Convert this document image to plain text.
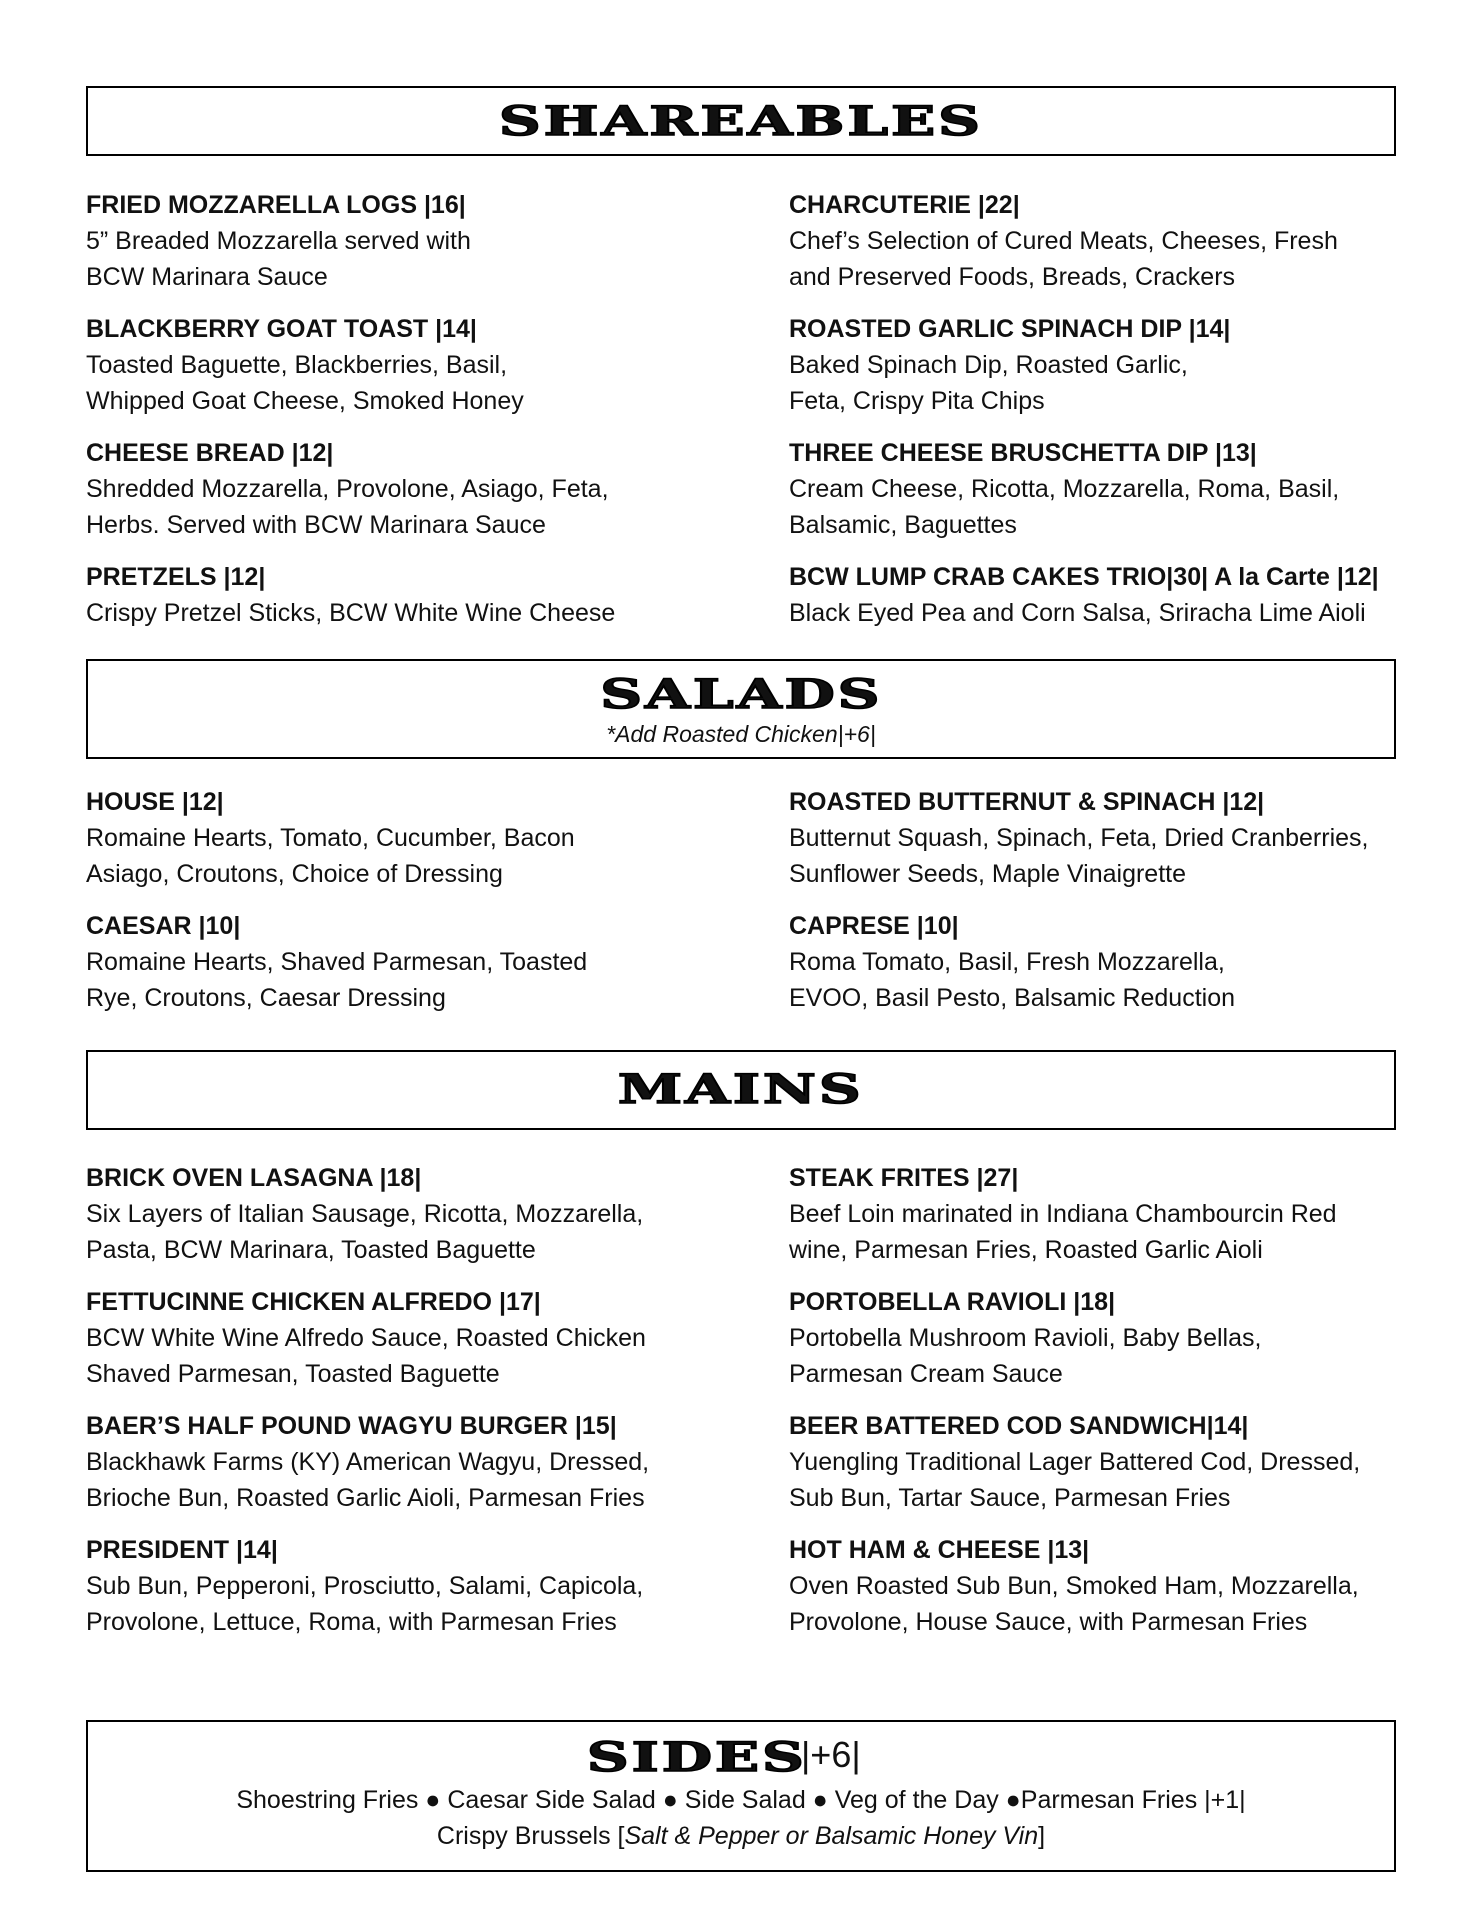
SHAREABLES
FRIED MOZZARELLA LOGS |16|
5” Breaded Mozzarella served with
BCW Marinara Sauce
BLACKBERRY GOAT TOAST |14|
Toasted Baguette, Blackberries, Basil,
Whipped Goat Cheese, Smoked Honey
CHEESE BREAD |12|
Shredded Mozzarella, Provolone, Asiago, Feta,
Herbs. Served with BCW Marinara Sauce
PRETZELS |12|
Crispy Pretzel Sticks, BCW White Wine Cheese
CHARCUTERIE |22|
Chef’s Selection of Cured Meats, Cheeses, Fresh
and Preserved Foods, Breads, Crackers
ROASTED GARLIC SPINACH DIP |14|
Baked Spinach Dip, Roasted Garlic,
Feta, Crispy Pita Chips
THREE CHEESE BRUSCHETTA DIP |13|
Cream Cheese, Ricotta, Mozzarella, Roma, Basil,
Balsamic, Baguettes
BCW LUMP CRAB CAKES TRIO|30| A la Carte |12|
Black Eyed Pea and Corn Salsa, Sriracha Lime Aioli
SALADS
*Add Roasted Chicken|+6|
HOUSE |12|
Romaine Hearts, Tomato, Cucumber, Bacon
Asiago, Croutons, Choice of Dressing
CAESAR |10|
Romaine Hearts, Shaved Parmesan, Toasted
Rye, Croutons, Caesar Dressing
ROASTED BUTTERNUT & SPINACH |12|
Butternut Squash, Spinach, Feta, Dried Cranberries,
Sunflower Seeds, Maple Vinaigrette
CAPRESE |10|
Roma Tomato, Basil, Fresh Mozzarella,
EVOO, Basil Pesto, Balsamic Reduction
MAINS
BRICK OVEN LASAGNA |18|
Six Layers of Italian Sausage, Ricotta, Mozzarella,
Pasta, BCW Marinara, Toasted Baguette
FETTUCINNE CHICKEN ALFREDO |17|
BCW White Wine Alfredo Sauce, Roasted Chicken
Shaved Parmesan, Toasted Baguette
BAER’S HALF POUND WAGYU BURGER |15|
Blackhawk Farms (KY) American Wagyu, Dressed,
Brioche Bun, Roasted Garlic Aioli, Parmesan Fries
PRESIDENT |14|
Sub Bun, Pepperoni, Prosciutto, Salami, Capicola,
Provolone, Lettuce, Roma, with Parmesan Fries
STEAK FRITES |27|
Beef Loin marinated in Indiana Chambourcin Red
wine, Parmesan Fries, Roasted Garlic Aioli
PORTOBELLA RAVIOLI |18|
Portobella Mushroom Ravioli, Baby Bellas,
Parmesan Cream Sauce
BEER BATTERED COD SANDWICH|14|
Yuengling Traditional Lager Battered Cod, Dressed,
Sub Bun, Tartar Sauce, Parmesan Fries
HOT HAM & CHEESE |13|
Oven Roasted Sub Bun, Smoked Ham, Mozzarella,
Provolone, House Sauce, with Parmesan Fries
SIDES|+6|
Shoestring Fries ● Caesar Side Salad ● Side Salad ● Veg of the Day ●Parmesan Fries |+1|
Crispy Brussels [Salt & Pepper or Balsamic Honey Vin]
